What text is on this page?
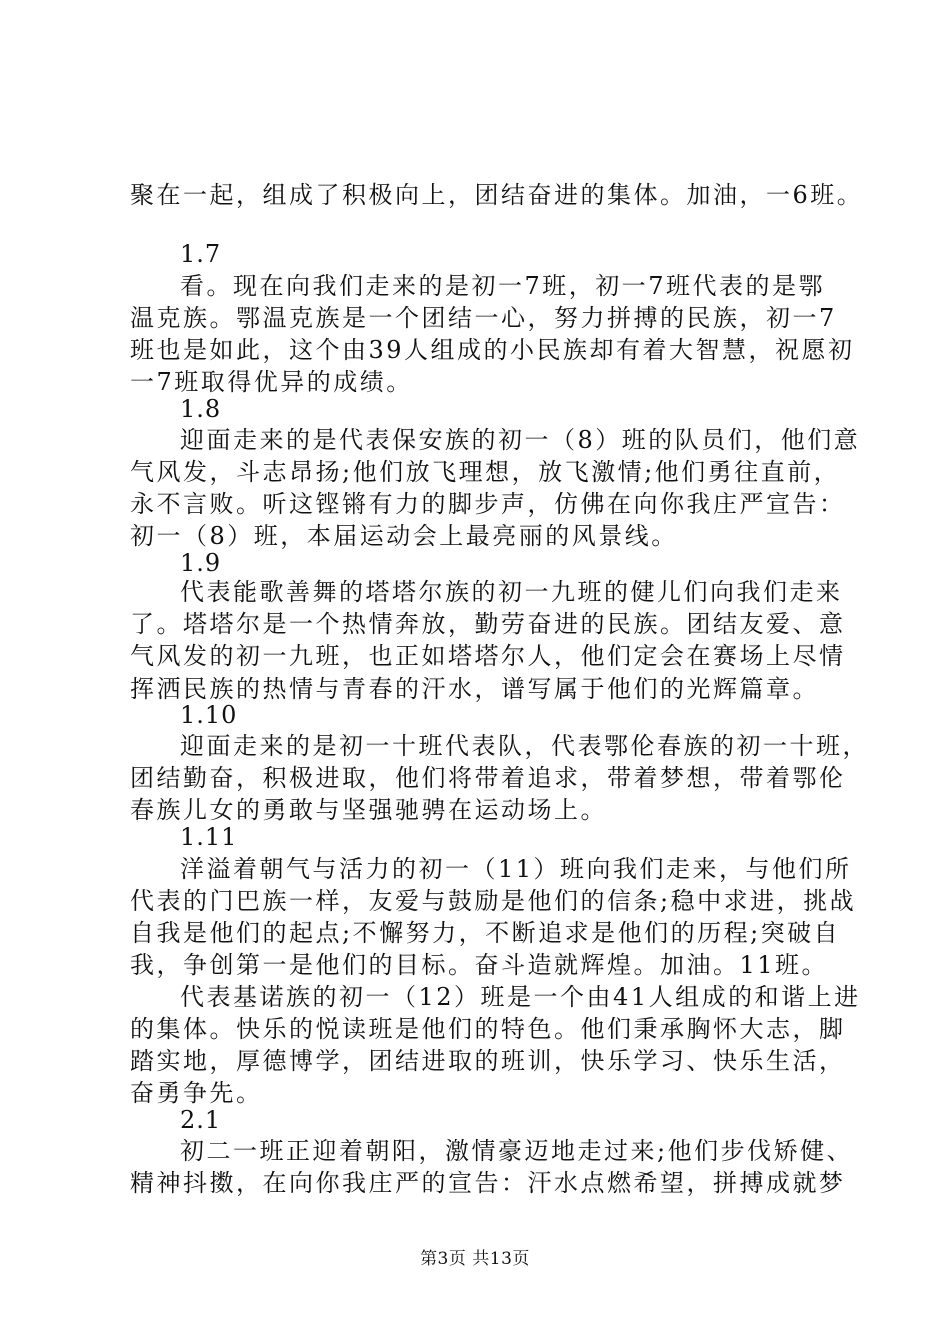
聚在一起，组成了积极向上，团结奋进的集体。加油，一6班。
1.7
看。现在向我们走来的是初一7班，初一7班代表的是鄂
温克族。鄂温克族是一个团结一心，努力拼搏的民族，初一7
班也是如此，这个由39人组成的小民族却有着大智慧，祝愿初
一7班取得优异的成绩。
1.8
迎面走来的是代表保安族的初一（8）班的队员们，他们意
气风发，斗志昂扬;他们放飞理想，放飞激情;他们勇往直前，
永不言败。听这铿锵有力的脚步声，仿佛在向你我庄严宣告：
初一（8）班，本届运动会上最亮丽的风景线。
1.9
代表能歌善舞的塔塔尔族的初一九班的健儿们向我们走来
了。塔塔尔是一个热情奔放，勤劳奋进的民族。团结友爱、意
气风发的初一九班，也正如塔塔尔人，他们定会在赛场上尽情
挥洒民族的热情与青春的汗水，谱写属于他们的光辉篇章。
1.10
迎面走来的是初一十班代表队，代表鄂伦春族的初一十班，
团结勤奋，积极进取，他们将带着追求，带着梦想，带着鄂伦
春族儿女的勇敢与坚强驰骋在运动场上。
1.11
洋溢着朝气与活力的初一（11）班向我们走来，与他们所
代表的门巴族一样，友爱与鼓励是他们的信条;稳中求进，挑战
自我是他们的起点;不懈努力，不断追求是他们的历程;突破自
我，争创第一是他们的目标。奋斗造就辉煌。加油。11班。
代表基诺族的初一（12）班是一个由41人组成的和谐上进
的集体。快乐的悦读班是他们的特色。他们秉承胸怀大志，脚
踏实地，厚德博学，团结进取的班训，快乐学习、快乐生活，
奋勇争先。
2.1
初二一班正迎着朝阳，激情豪迈地走过来;他们步伐矫健、
精神抖擞，在向你我庄严的宣告：汗水点燃希望，拼搏成就梦
第3页 共13页
